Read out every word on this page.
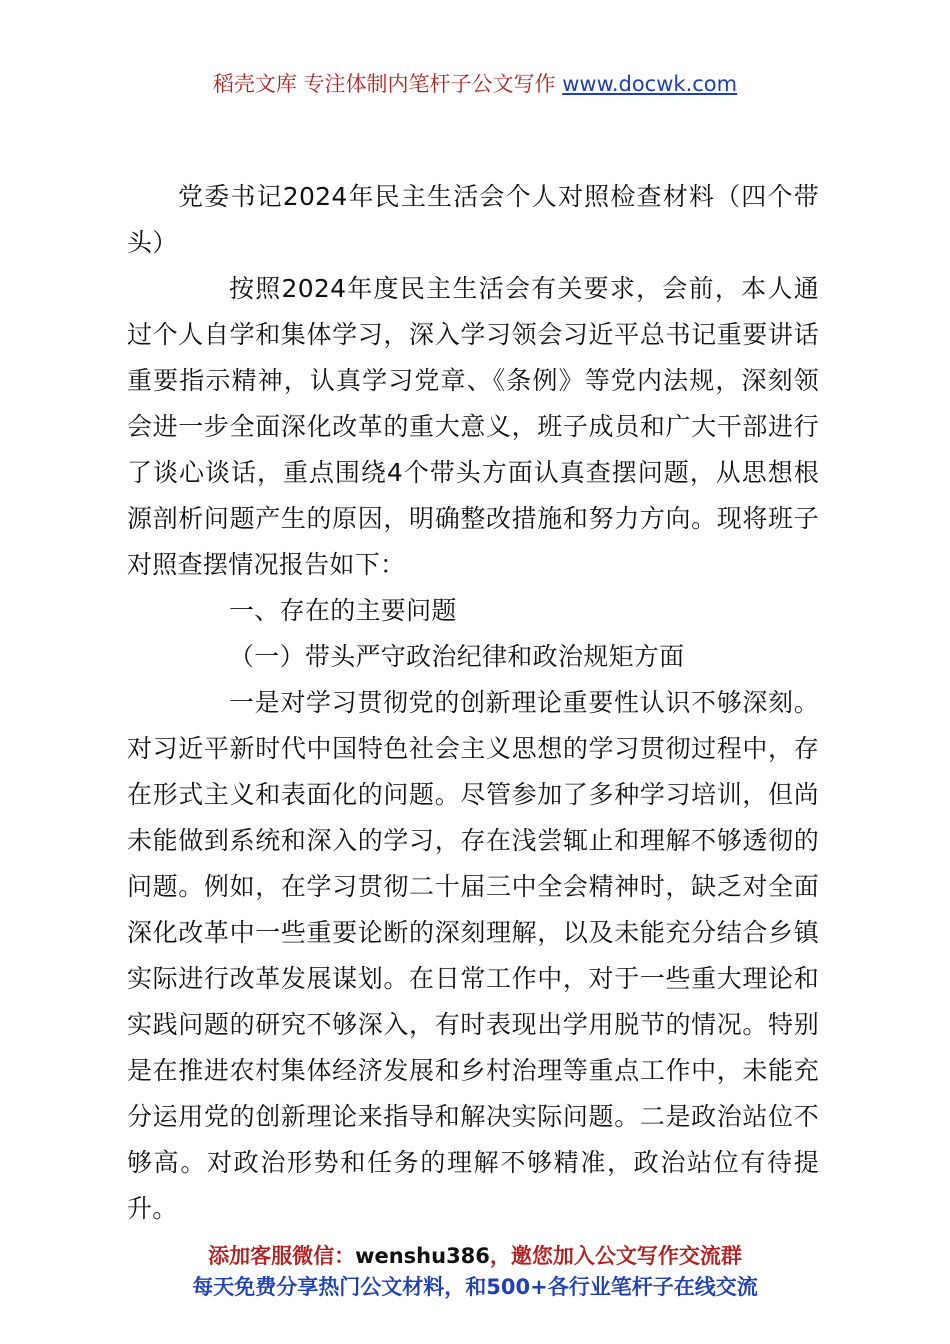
稻壳文库 专注体制内笔杆子公文写作 www.docwk.com

党委书记2024年民主生活会个人对照检查材料（四个带头）

按照2024年度民主生活会有关要求，会前，本人通过个人自学和集体学习，深入学习领会习近平总书记重要讲话重要指示精神，认真学习党章、《条例》等党内法规，深刻领会进一步全面深化改革的重大意义，班子成员和广大干部进行了谈心谈话，重点围绕4个带头方面认真查摆问题，从思想根源剖析问题产生的原因，明确整改措施和努力方向。现将班子对照查摆情况报告如下：

一、存在的主要问题

（一）带头严守政治纪律和政治规矩方面

一是对学习贯彻党的创新理论重要性认识不够深刻。对习近平新时代中国特色社会主义思想的学习贯彻过程中，存在形式主义和表面化的问题。尽管参加了多种学习培训，但尚未能做到系统和深入的学习，存在浅尝辄止和理解不够透彻的问题。例如，在学习贯彻二十届三中全会精神时，缺乏对全面深化改革中一些重要论断的深刻理解，以及未能充分结合乡镇实际进行改革发展谋划。在日常工作中，对于一些重大理论和实践问题的研究不够深入，有时表现出学用脱节的情况。特别是在推进农村集体经济发展和乡村治理等重点工作中，未能充分运用党的创新理论来指导和解决实际问题。二是政治站位不够高。对政治形势和任务的理解不够精准，政治站位有待提升。

添加客服微信：wenshu386，邀您加入公文写作交流群
每天免费分享热门公文材料，和500+各行业笔杆子在线交流
